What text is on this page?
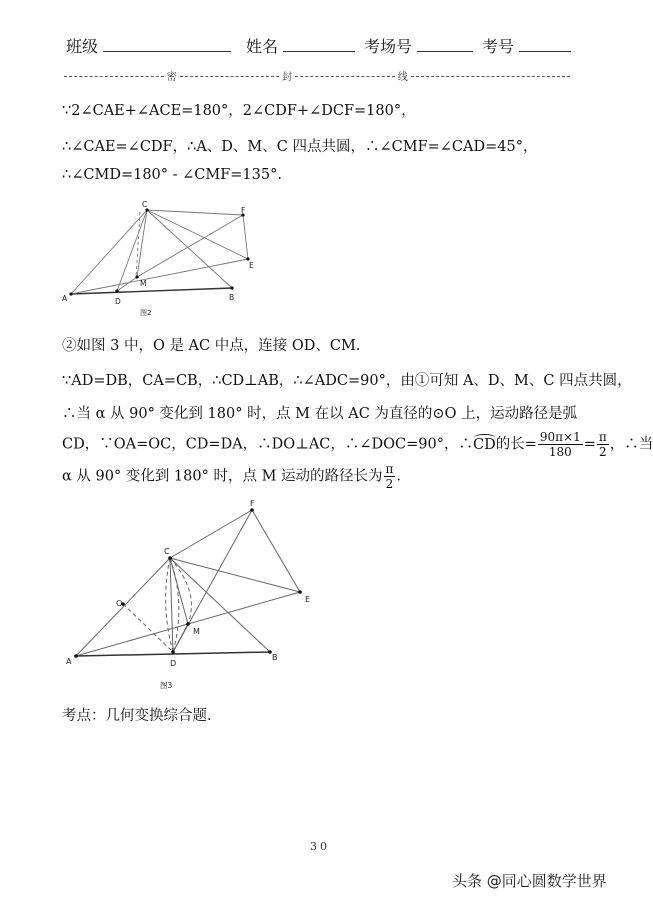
班级	姓名	考场号	考号
密	封	线
∵2∠CAE+∠ACE=180°，2∠CDF+∠DCF=180°，
∴∠CAE=∠CDF，∴A、D、M、C 四点共圆，∴∠CMF=∠CAD=45°，
∴∠CMD=180° - ∠CMF=135°.
A
C
D	B
F
E
M
图2
②如图 3 中，O 是 AC 中点，连接 OD、CM.
∵AD=DB，CA=CB，∴CD⊥AB，∴∠ADC=90°，由①可知 A、D、M、C 四点共圆，
∴当 α 从 90° 变化到 180° 时，点 M 在以 AC 为直径的⊙O 上，运动路径是弧
CD，∵OA=OC，CD=DA，∴DO⊥AC，∴∠DOC=90°，∴CD的长= $\frac{90\pi\times 1}{180} = \frac{\pi}{2}$ ，∴当
α 从 90° 变化到 180° 时，点 M 运动的路径长为 $\frac{\pi}{2}$ .
A
C
D
B
F
E
M
O
图3
考点：几何变换综合题.
30
头条 @同心圆数学世界
